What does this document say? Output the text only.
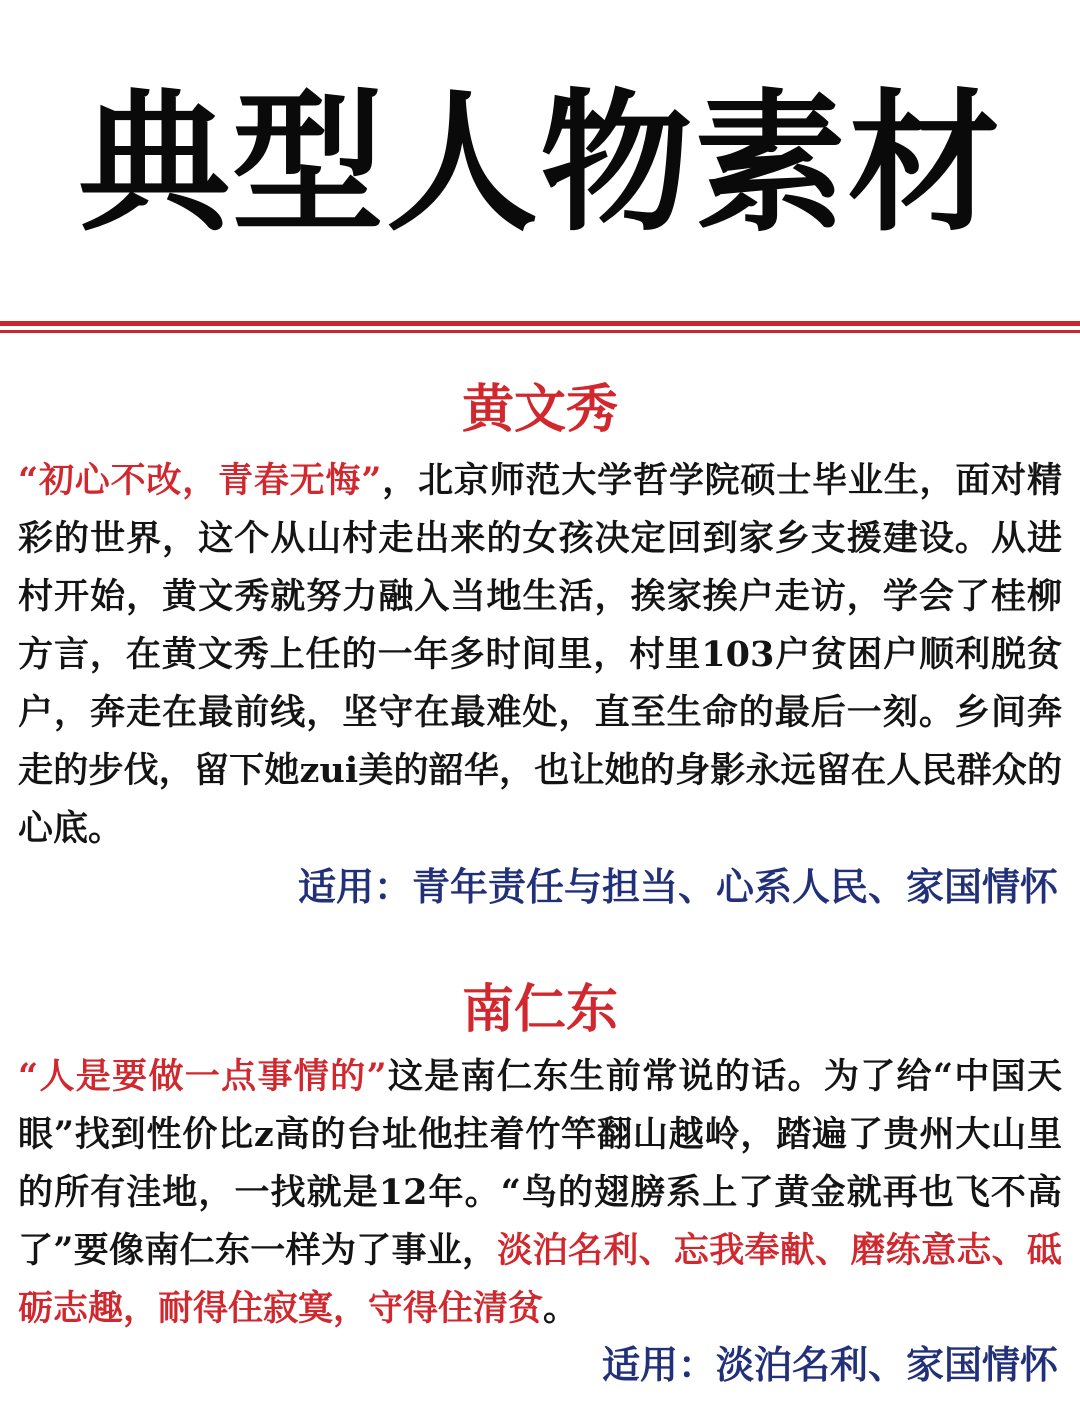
典型人物素材
黄文秀
“初心不改，青春无悔”，北京师范大学哲学院硕士毕业生，面对精彩的世界，这个从山村走出来的女孩决定回到家乡支援建设。从进村开始，黄文秀就努力融入当地生活，挨家挨户走访，学会了桂柳方言，在黄文秀上任的一年多时间里，村里103户贫困户顺利脱贫户，奔走在最前线，坚守在最难处，直至生命的最后一刻。乡间奔走的步伐，留下她zui美的韶华，也让她的身影永远留在人民群众的心底。
适用：青年责任与担当、心系人民、家国情怀
南仁东
“人是要做一点事情的”这是南仁东生前常说的话。为了给“中国天眼”找到性价比z高的台址他拄着竹竿翻山越岭，踏遍了贵州大山里的所有洼地，一找就是12年。“鸟的翅膀系上了黄金就再也飞不高了”要像南仁东一样为了事业，淡泊名利、忘我奉献、磨练意志、砥砺志趣，耐得住寂寞，守得住清贫。
适用：淡泊名利、家国情怀
